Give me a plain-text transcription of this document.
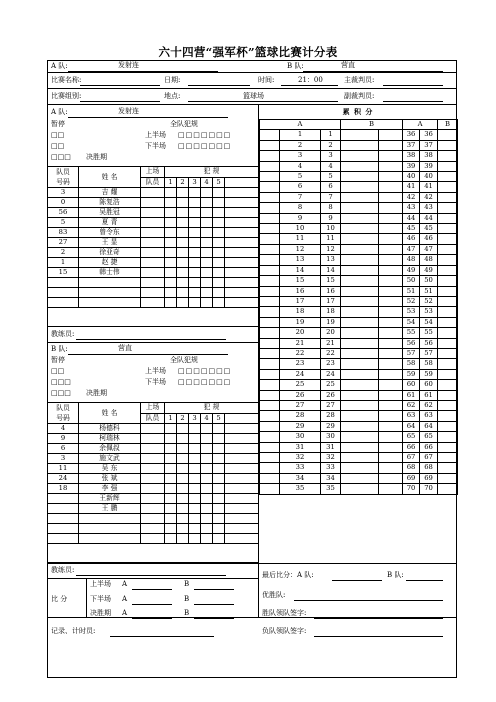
六十四营“强军杯”篮球比赛计分表
A 队:	发射连	B 队:	营直
比赛名称:	日期:	时间:	21：00	主裁判员:
比赛组别:	地点:	篮球场	副裁判员:
A 队:	发射连
暂停	全队犯规
□□	上半场 □□□□□□□
□□	下半场 □□□□□□□
□□□ 决胜期
队员
号码	姓 名	上场	犯 规					
		队员	1	2	3	4	5	
3	吉 耀							
0	陈复浩							
56	吴胜冠							
5	夏 青							
83	曾令东							
27	王 显							
2	徐亚奇							
1	赵 捷							
15	韩士伟							

教练员:
B 队:	营直
暂停	全队犯规
□□	上半场 □□□□□□□
□□□	下半场 □□□□□□□
□□□ 决胜期
队员
号码	姓 名	上场	犯 规					
		队员	1	2	3	4	5	
4	杨德科							
9	柯瑞林							
6	余佩叔							
3	施文武							
11	吴 东							
24	张 斌							
18	李 强							
	王新辉							
	王 鹏							

教练员:
累 积 分
A			B		A		B
	1	1			36	36	
	2	2			37	37	
	3	3			38	38	
	4	4			39	39	
	5	5			40	40	
	6	6			41	41	
	7	7			42	42	
	8	8			43	43	
	9	9			44	44	
	10	10			45	45	
	11	11			46	46	
	12	12			47	47	
	13	13			48	48	
	14	14			49	49	
	15	15			50	50	
	16	16			51	51	
	17	17			52	52	
	18	18			53	53	
	19	19			54	54	
	20	20			55	55	
	21	21			56	56	
	22	22			57	57	
	23	23			58	58	
	24	24			59	59	
	25	25			60	60	
	26	26			61	61	
	27	27			62	62	
	28	28			63	63	
	29	29			64	64	
	30	30			65	65	
	31	31			66	66	
	32	32			67	67	
	33	33			68	68	
	34	34			69	69	
	35	35			70	70	
比 分
上半场 A	B
下半场 A	B
决胜期 A	B
最后比分：A 队:	B 队:
优胜队:
胜队领队签字:
记录、计时员:	负队领队签字:
